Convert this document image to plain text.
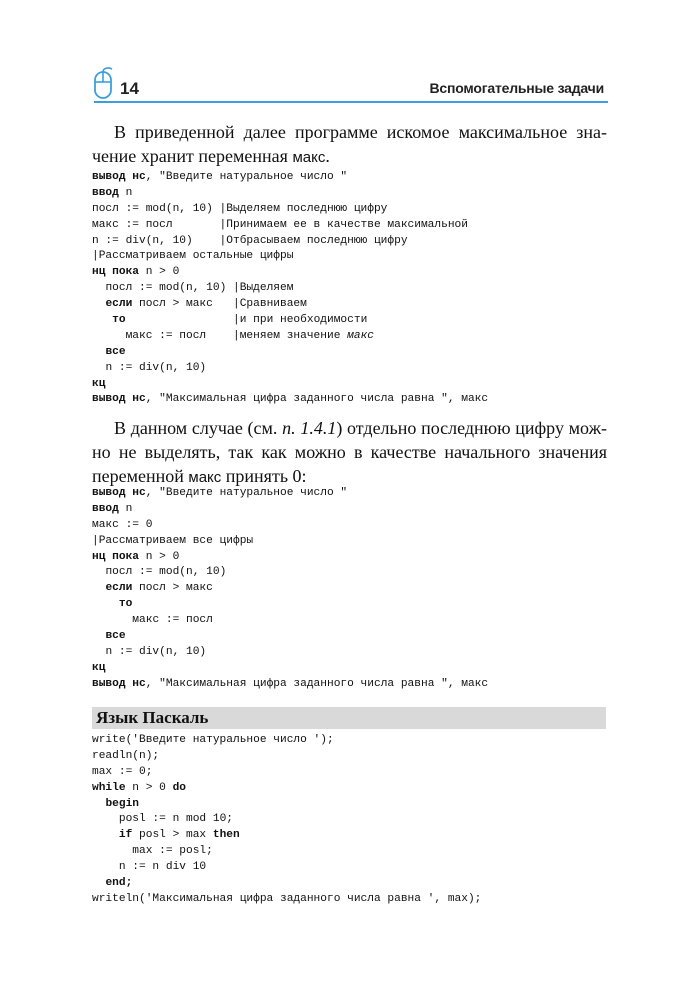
14	Вспомогательные задачи

В приведенной далее программе искомое максимальное значение хранит переменная макс.

вывод нс, "Введите натуральное число "
ввод n
посл := mod(n, 10) |Выделяем последнюю цифру
макс := посл       |Принимаем ее в качестве максимальной
n := div(n, 10)    |Отбрасываем последнюю цифру
|Рассматриваем остальные цифры
нц пока n > 0
посл := mod(n, 10) |Выделяем
если посл > макс   |Сравниваем
то                |и при необходимости
макс := посл    |меняем значение макс
все
n := div(n, 10)
кц
вывод нс, "Максимальная цифра заданного числа равна ", макс

В данном случае (см. п. 1.4.1) отдельно последнюю цифру можно не выделять, так как можно в качестве начального значения переменной макс принять 0:

вывод нс, "Введите натуральное число "
ввод n
макс := 0
|Рассматриваем все цифры
нц пока n > 0
посл := mod(n, 10)
если посл > макс
то
макс := посл
все
n := div(n, 10)
кц
вывод нс, "Максимальная цифра заданного числа равна ", макс
Язык Паскаль
write('Введите натуральное число ');
readln(n);
max := 0;
while n > 0 do
begin
posl := n mod 10;
if posl > max then
max := posl;
n := n div 10
end;
writeln('Максимальная цифра заданного числа равна ', max);
